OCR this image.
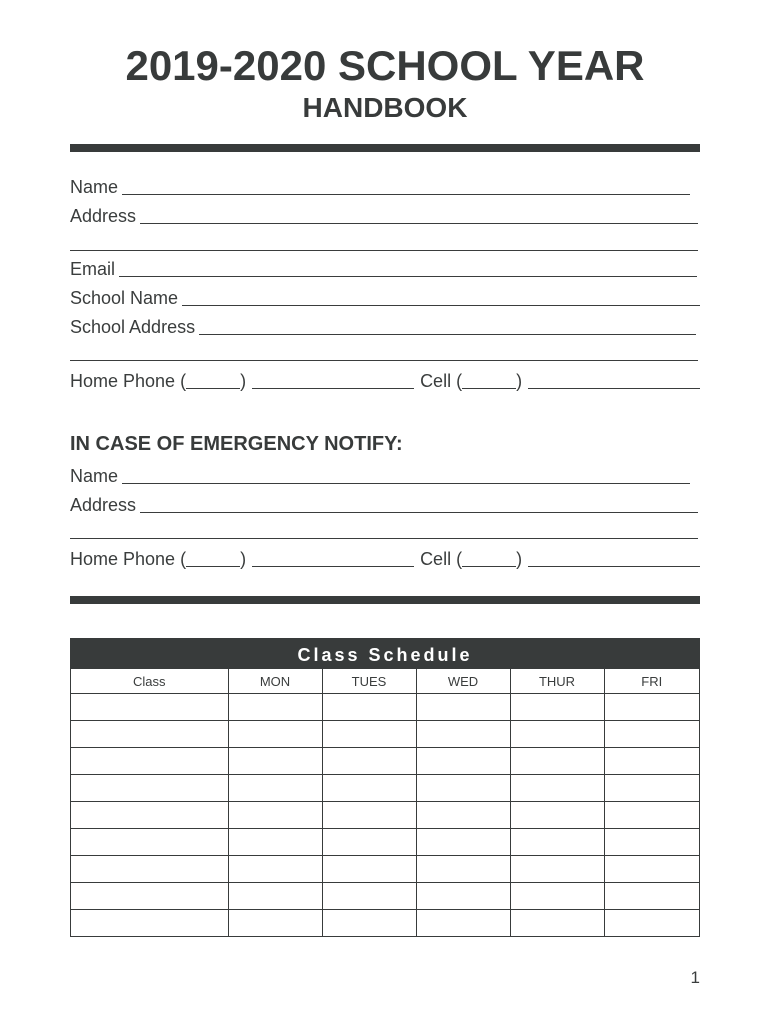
2019-2020 SCHOOL YEAR
HANDBOOK
Name
Address
Email
School Name
School Address
Home Phone (	)	Cell (	)
IN CASE OF EMERGENCY NOTIFY:
Name
Address
Home Phone (	)	Cell (	)
Class Schedule
Class	MON	TUES	WED	THUR	FRI

1
